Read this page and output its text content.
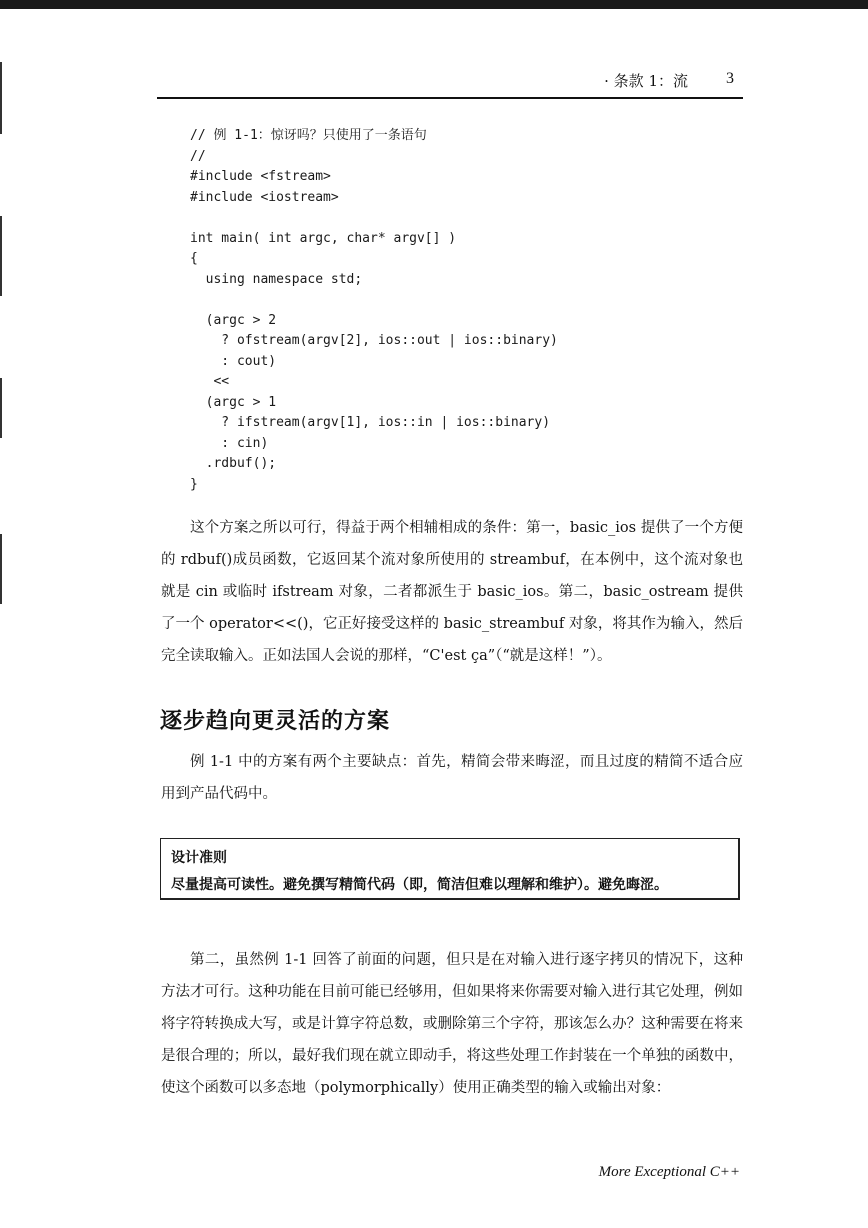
· 条款 1：流 3
// 例 1-1：惊讶吗？只使用了一条语句
//
#include <fstream>
#include <iostream>

int main( int argc, char* argv[] )
{
using namespace std;

(argc > 2
? ofstream(argv[2], ios::out | ios::binary)
: cout)
<<
(argc > 1
? ifstream(argv[1], ios::in | ios::binary)
: cin)
.rdbuf();
}

这个方案之所以可行，得益于两个相辅相成的条件：第一，basic_ios 提供了一个方便的 rdbuf()成员函数，它返回某个流对象所使用的 streambuf，在本例中，这个流对象也就是 cin 或临时 ifstream 对象，二者都派生于 basic_ios。第二，basic_ostream 提供了一个 operator<<()，它正好接受这样的 basic_streambuf 对象，将其作为输入，然后完全读取输入。正如法国人会说的那样，“C'est ça”（“就是这样！”）。

逐步趋向更灵活的方案

例 1-1 中的方案有两个主要缺点：首先，精简会带来晦涩，而且过度的精简不适合应用到产品代码中。

设计准则
尽量提高可读性。避免撰写精简代码（即，简洁但难以理解和维护）。避免晦涩。

第二，虽然例 1-1 回答了前面的问题，但只是在对输入进行逐字拷贝的情况下，这种方法才可行。这种功能在目前可能已经够用，但如果将来你需要对输入进行其它处理，例如将字符转换成大写，或是计算字符总数，或删除第三个字符，那该怎么办？这种需要在将来是很合理的；所以，最好我们现在就立即动手，将这些处理工作封装在一个单独的函数中，使这个函数可以多态地（polymorphically）使用正确类型的输入或输出对象：

More Exceptional C++
